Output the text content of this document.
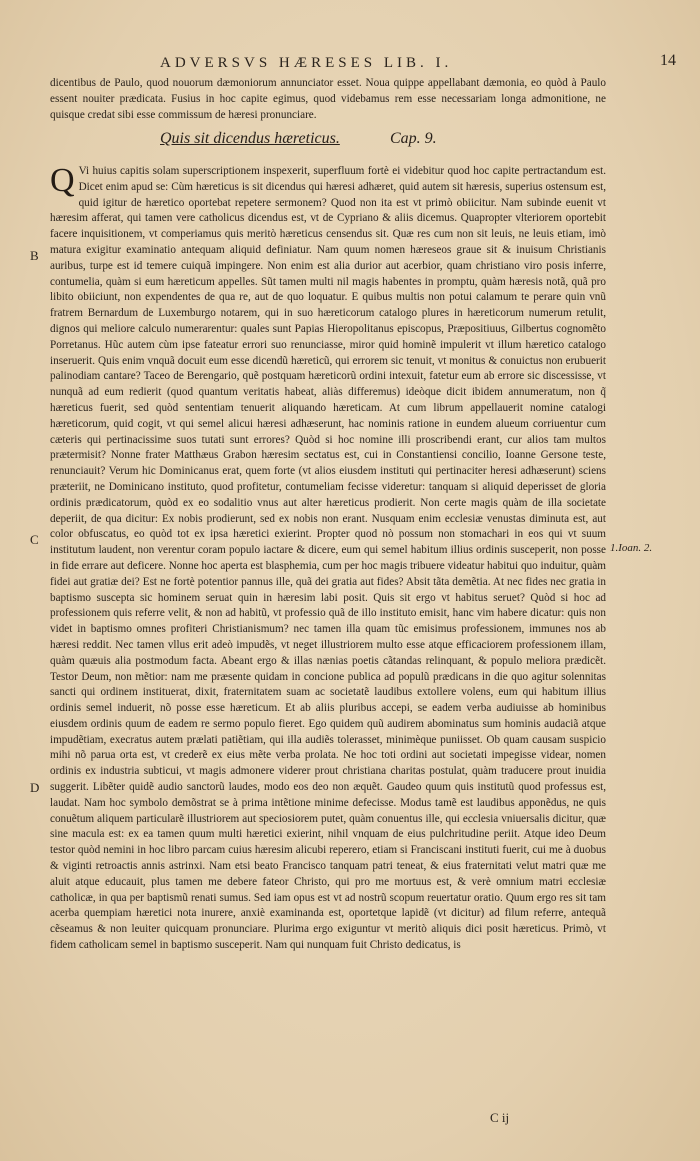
ADVERSVS HÆRESES LIB. I.	14
dicentibus de Paulo, quod nouorum dæmoniorum annunciator esset. Noua quippe appellabant dæmonia, eo quòd à Paulo essent nouiter prædicata. Fusius in hoc capite egimus, quod videbamus rem esse necessariam longa admonitione, ne quisque credat sibi esse commissum de hæresi pronunciare.
Quis sit dicendus hæreticus.	Cap. 9.

Q Vi huius capitis solam superscriptionem inspexerit, superfluum fortè ei videbitur quod hoc capite pertractandum est. Dicet enim apud se: Cùm hæreticus is sit dicendus qui hæresi adhæret, quid autem sit hæresis, superius ostensum est, quid igitur de hæretico oportebat repetere sermonem? Quod non ita est vt primò obiicitur. Nam subinde euenit vt hæresim afferat, qui tamen vere catholicus dicendus est, vt de Cypriano & aliis dicemus. Quapropter vlteriorem oportebit facere inquisitionem, vt comperiamus quis meritò hæreticus censendus sit. Quæ res cum non sit leuis, ne leuis etiam, imò matura exigitur examinatio antequam aliquid definiatur. Nam quum nomen hæreseos graue sit & inuisum Christianis auribus, turpe est id temere cuiquã impingere. Non enim est alia durior aut acerbior, quam christiano viro posis inferre, contumelia, quàm si eum hæreticum appelles. Sũt tamen multi nil magis habentes in promptu, quàm hæresis notã, quã pro libito obiiciunt, non expendentes de qua re, aut de quo loquatur. E quibus multis non potui calamum te perare quin vnũ fratrem Bernardum de Luxemburgo notarem, qui in suo hæreticorum catalogo plures in hæreticorum numerum retulit, dignos qui meliore calculo numerarentur: quales sunt Papias Hieropolitanus episcopus, Præpositiuus, Gilbertus cognomẽto Porretanus. Hũc autem cùm ipse fateatur errori suo renunciasse, miror quid hominẽ impulerit vt illum hæretico catalogo inseruerit. Quis enim vnquã docuit eum esse dicendũ hæreticũ, qui errorem sic tenuit, vt monitus & conuictus non erubuerit palinodiam cantare? Taceo de Berengario, quẽ postquam hæreticorũ ordini intexuit, fatetur eum ab errore sic discessisse, vt nunquã ad eum redierit (quod quantum veritatis habeat, aliàs differemus) ideòque dicit ibidem annumeratum, non q̃ hæreticus fuerit, sed quòd sententiam tenuerit aliquando hæreticam. At cum librum appellauerit nomine catalogi hæreticorum, quid cogit, vt qui semel alicui hæresi adhæserunt, hac nominis ratione in eundem alueum corriuentur cum cæteris qui pertinacissime suos tutati sunt errores? Quòd si hoc nomine illi proscribendi erant, cur alios tam multos prætermisit? Nonne frater Matthæus Grabon hæresim sectatus est, cui in Constantiensi concilio, Ioanne Gersone teste, renunciauit? Verum hic Dominicanus erat, quem forte (vt alios eiusdem instituti qui pertinaciter heresi adhæserunt) sciens præteriit, ne Dominicano instituto, quod profitetur, contumeliam fecisse videretur: tanquam si aliquid deperisset de gloria ordinis prædicatorum, quòd ex eo sodalitio vnus aut alter hæreticus prodierit. Non certe magis quàm de illa societate deperiit, de qua dicitur: Ex nobis prodierunt, sed ex nobis non erant. Nusquam enim ecclesiæ venustas diminuta est, aut color obfuscatus, eo quòd tot ex ipsa hæretici exierint. Propter quod nò possum non stomachari in eos qui vt suum institutum laudent, non verentur coram populo iactare & dicere, eum qui semel habitum illius ordinis susceperit, non posse in fide errare aut deficere. Nonne hoc aperta est blasphemia, cum per hoc magis tribuere videatur habitui quo induitur, quàm fidei aut gratiæ dei? Est ne fortè potentior pannus ille, quã dei gratia aut fides? Absit tãta demẽtia. At nec fides nec gratia in baptismo suscepta sic hominem seruat quin in hæresim labi posit. Quis sit ergo vt habitus seruet? Quòd si hoc ad professionem quis referre velit, & non ad habitũ, vt professio quã de illo instituto emisit, hanc vim habere dicatur: quis non videt in baptismo omnes profiteri Christianismum? nec tamen illa quam tũc emisimus professionem, immunes nos ab hæresi reddit. Nec tamen vllus erit adeò impudẽs, vt neget illustriorem multo esse atque efficaciorem professionem illam, quàm quæuis alia postmodum facta. Abeant ergo & illas nænias poetis cãtandas relinquant, & populo meliora prædicẽt. Testor Deum, non mẽtior: nam me præsente quidam in concione publica ad populũ prædicans in die quo agitur solennitas sancti qui ordinem instituerat, dixit, fraternitatem suam ac societatẽ laudibus extollere volens, eum qui habitum illius ordinis semel induerit, nõ posse esse hæreticum. Et ab aliis pluribus accepi, se eadem verba audiuisse ab hominibus eiusdem ordinis quum de eadem re sermo populo fieret. Ego quidem quũ audirem abominatus sum hominis audaciã atque impudẽtiam, execratus autem prælati patiẽtiam, qui illa audiẽs tolerasset, minimèque puniisset. Ob quam causam suspicio mihi nõ parua orta est, vt crederẽ ex eius mẽte verba prolata. Ne hoc toti ordini aut societati impegisse videar, nomen ordinis ex industria subticui, vt magis admonere viderer prout christiana charitas postulat, quàm traducere prout inuidia suggerit. Libẽter quidẽ audio sanctorũ laudes, modo eos deo non æquẽt. Gaudeo quum quis institutũ quod professus est, laudat. Nam hoc symbolo demõstrat se à prima intẽtione minime defecisse. Modus tamẽ est laudibus apponẽdus, ne quis conuẽtum aliquem particularẽ illustriorem aut speciosiorem putet, quàm conuentus ille, qui ecclesia vniuersalis dicitur, quæ sine macula est: ex ea tamen quum multi hæretici exierint, nihil vnquam de eius pulchritudine periit. Atque ideo Deum testor quòd nemini in hoc libro parcam cuius hæresim alicubi reperero, etiam si Franciscani instituti fuerit, cui me à duobus & viginti retroactis annis astrinxi. Nam etsi beato Francisco tanquam patri teneat, & eius fraternitati velut matri quæ me aluit atque educauit, plus tamen me debere fateor Christo, qui pro me mortuus est, & verè omnium matri ecclesiæ catholicæ, in qua per baptismũ renati sumus. Sed iam opus est vt ad nostrũ scopum reuertatur oratio. Quum ergo res sit tam acerba quempiam hæretici nota inurere, anxiè examinanda est, oportetque lapidẽ (vt dicitur) ad filum referre, antequã cẽseamus & non leuiter quicquam pronunciare. Plurima ergo exiguntur vt meritò aliquis dici posit hæreticus. Primò, vt fidem catholicam semel in baptismo susceperit. Nam qui nunquam fuit Christo dedicatus, is

B
C
D
1.Ioan. 2.
C ij
